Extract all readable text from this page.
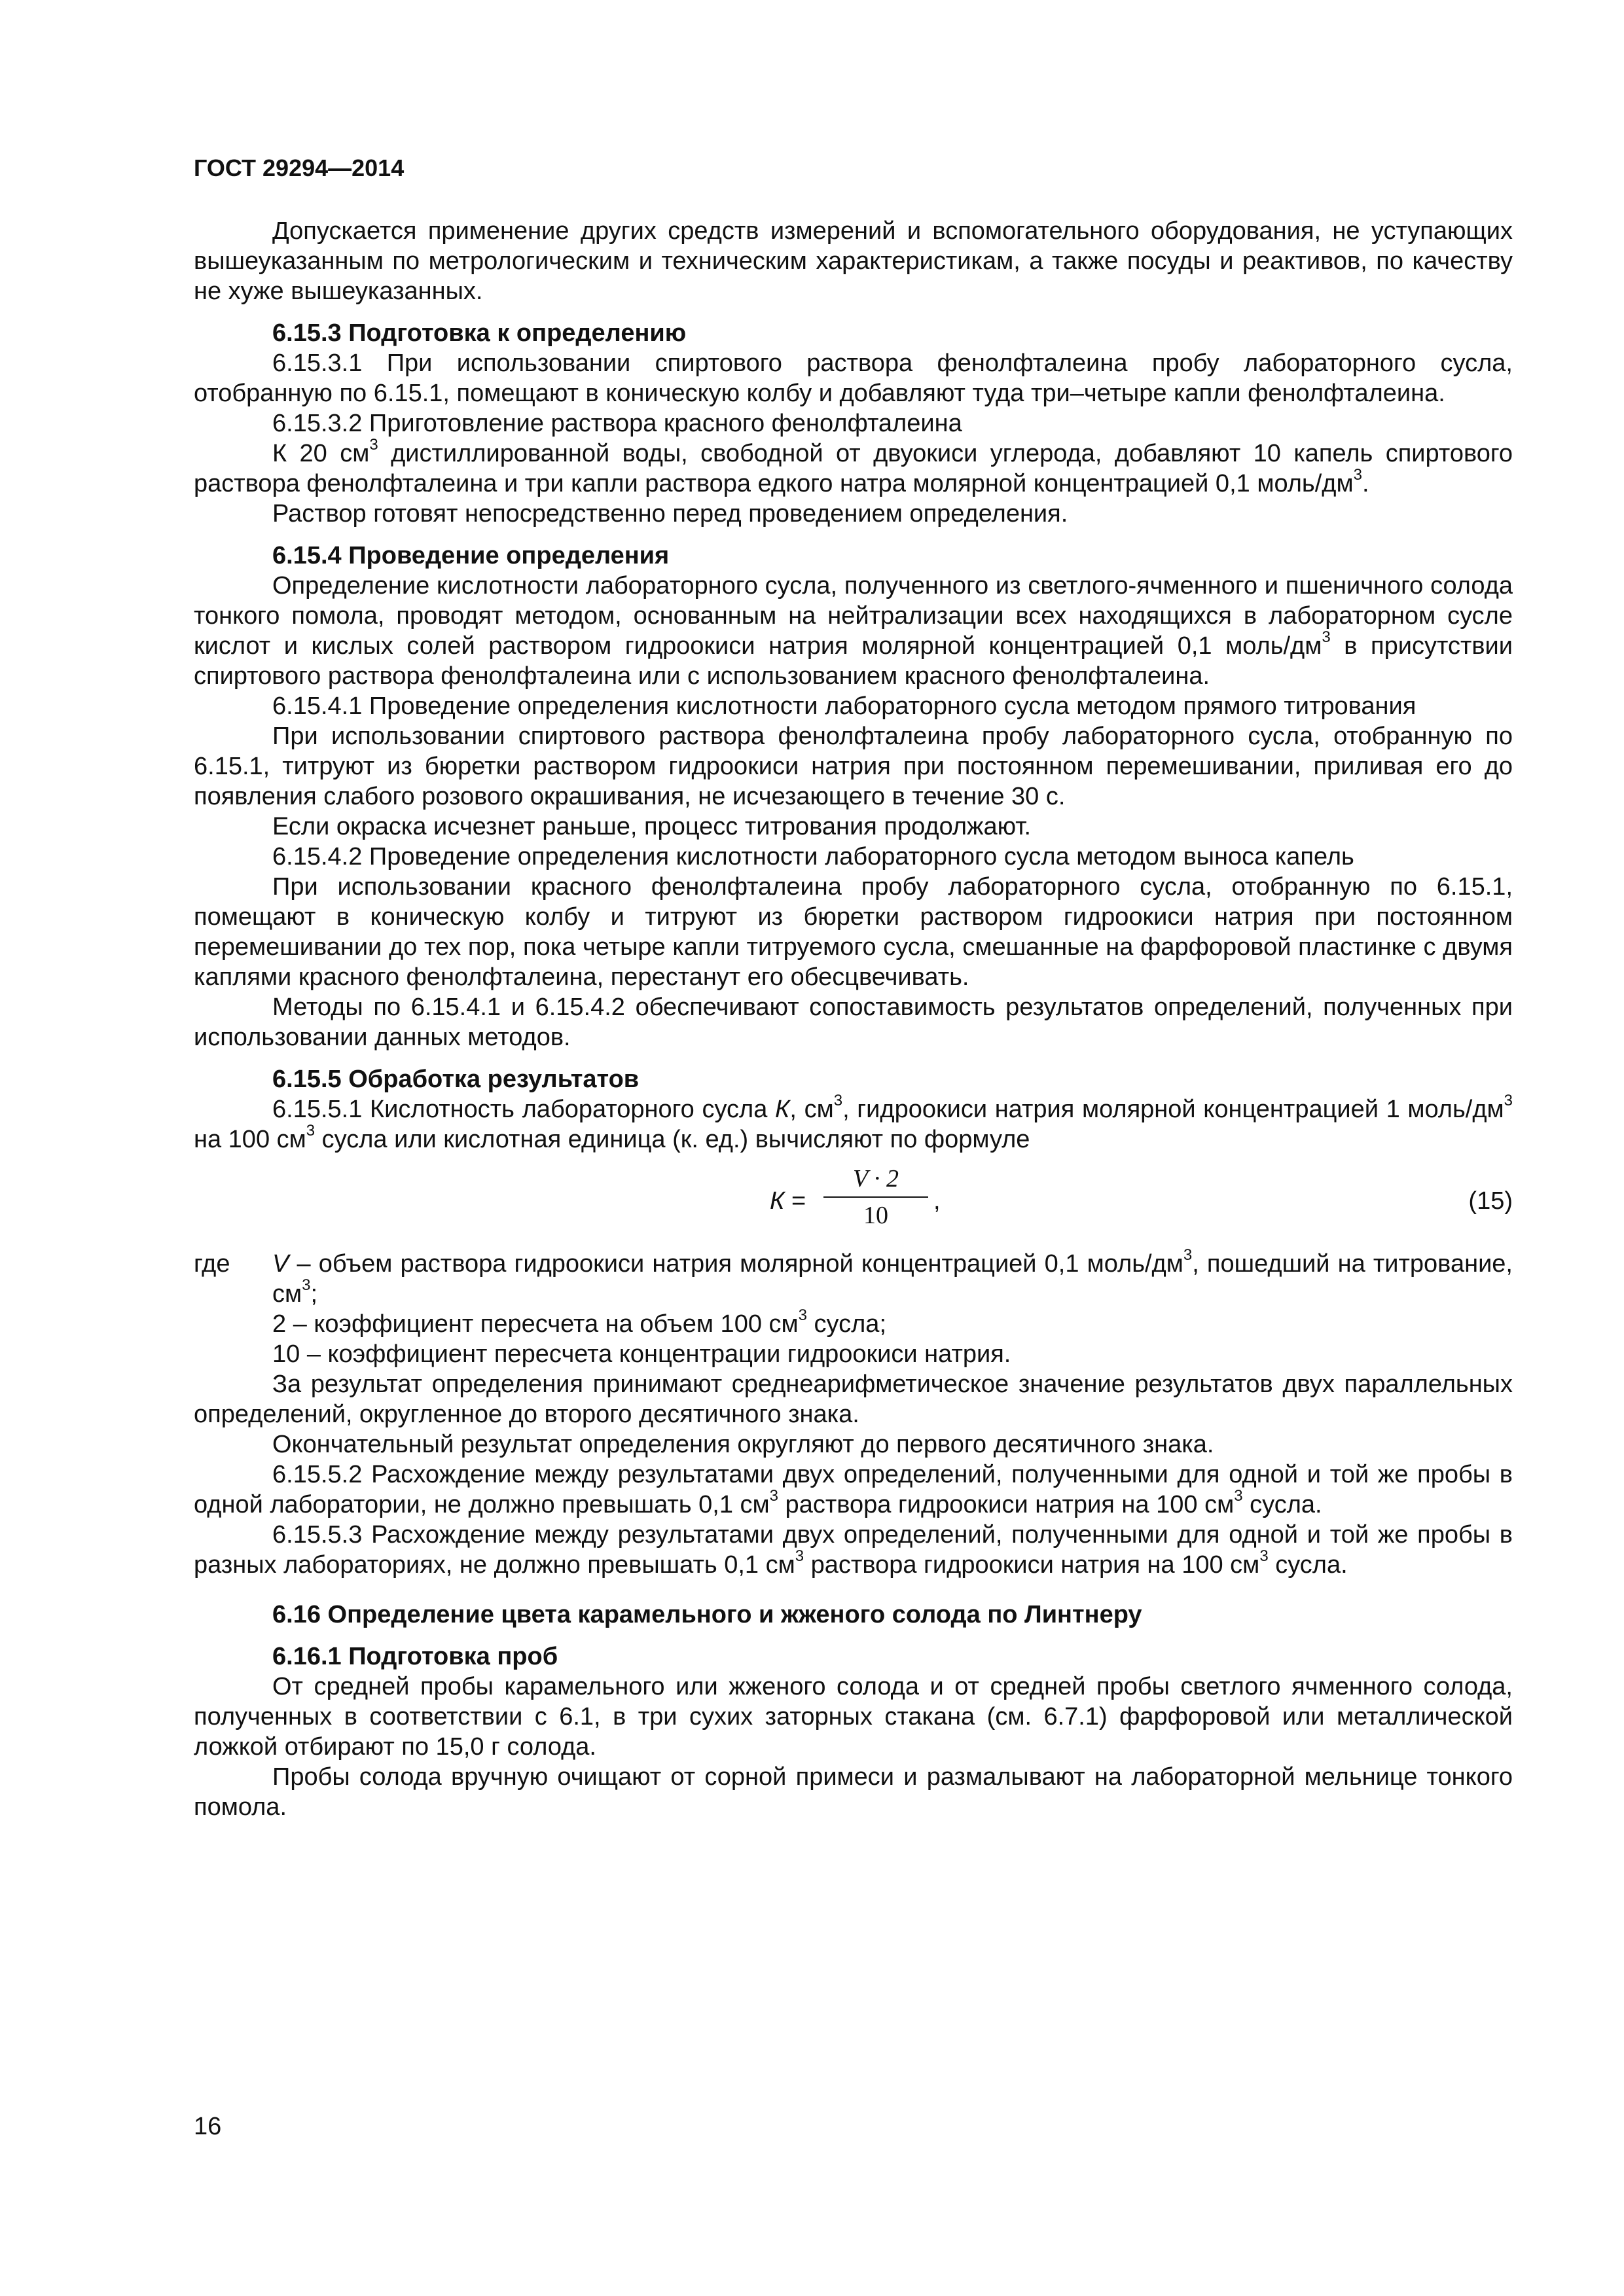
ГОСТ 29294—2014

Допускается применение других средств измерений и вспомогательного оборудования, не уступающих вышеуказанным по метрологическим и техническим характеристикам, а также посуды и реактивов, по качеству не хуже вышеуказанных.

6.15.3 Подготовка к определению

6.15.3.1 При использовании спиртового раствора фенолфталеина пробу лабораторного сусла, отобранную по 6.15.1, помещают в коническую колбу и добавляют туда три–четыре капли фенолфталеина.

6.15.3.2 Приготовление раствора красного фенолфталеина

К 20 $см^3$ дистиллированной воды, свободной от двуокиси углерода, добавляют 10 капель спиртового раствора фенолфталеина и три капли раствора едкого натра молярной концентрацией 0,1 моль/$дм^3$.

Раствор готовят непосредственно перед проведением определения.

6.15.4 Проведение определения

Определение кислотности лабораторного сусла, полученного из светлого-ячменного и пшеничного солода тонкого помола, проводят методом, основанным на нейтрализации всех находящихся в лабораторном сусле кислот и кислых солей раствором гидроокиси натрия молярной концентрацией 0,1 моль/$дм^3$ в присутствии спиртового раствора фенолфталеина или с использованием красного фенолфталеина.

6.15.4.1 Проведение определения кислотности лабораторного сусла методом прямого титрования

При использовании спиртового раствора фенолфталеина пробу лабораторного сусла, отобранную по 6.15.1, титруют из бюретки раствором гидроокиси натрия при постоянном перемешивании, приливая его до появления слабого розового окрашивания, не исчезающего в течение 30 с.

Если окраска исчезнет раньше, процесс титрования продолжают.

6.15.4.2 Проведение определения кислотности лабораторного сусла методом выноса капель

При использовании красного фенолфталеина пробу лабораторного сусла, отобранную по 6.15.1, помещают в коническую колбу и титруют из бюретки раствором гидроокиси натрия при постоянном перемешивании до тех пор, пока четыре капли титруемого сусла, смешанные на фарфоровой пластинке с двумя каплями красного фенолфталеина, перестанут его обесцвечивать.

Методы по 6.15.4.1 и 6.15.4.2 обеспечивают сопоставимость результатов определений, полученных при использовании данных методов.

6.15.5 Обработка результатов

6.15.5.1 Кислотность лабораторного сусла К, $см^3$, гидроокиси натрия молярной концентрацией 1 моль/$дм^3$ на 100 $см^3$ сусла или кислотная единица (к. ед.) вычисляют по формуле

$К = \frac{V \cdot 2}{10}$ ,	(15)
где	V – объем раствора гидроокиси натрия молярной концентрацией 0,1 моль/$дм^3$, пошедший на титрование, $см^3$;

2 – коэффициент пересчета на объем 100 $см^3$ сусла;

10 – коэффициент пересчета концентрации гидроокиси натрия.

За результат определения принимают среднеарифметическое значение результатов двух параллельных определений, округленное до второго десятичного знака.

Окончательный результат определения округляют до первого десятичного знака.

6.15.5.2 Расхождение между результатами двух определений, полученными для одной и той же пробы в одной лаборатории, не должно превышать 0,1 $см^3$ раствора гидроокиси натрия на 100 $см^3$ сусла.

6.15.5.3 Расхождение между результатами двух определений, полученными для одной и той же пробы в разных лабораториях, не должно превышать 0,1 $см^3$ раствора гидроокиси натрия на 100 $см^3$ сусла.

6.16 Определение цвета карамельного и жженого солода по Линтнеру

6.16.1 Подготовка проб

От средней пробы карамельного или жженого солода и от средней пробы светлого ячменного солода, полученных в соответствии с 6.1, в три сухих заторных стакана (см. 6.7.1) фарфоровой или металлической ложкой отбирают по 15,0 г солода.

Пробы солода вручную очищают от сорной примеси и размалывают на лабораторной мельнице тонкого помола.

16
